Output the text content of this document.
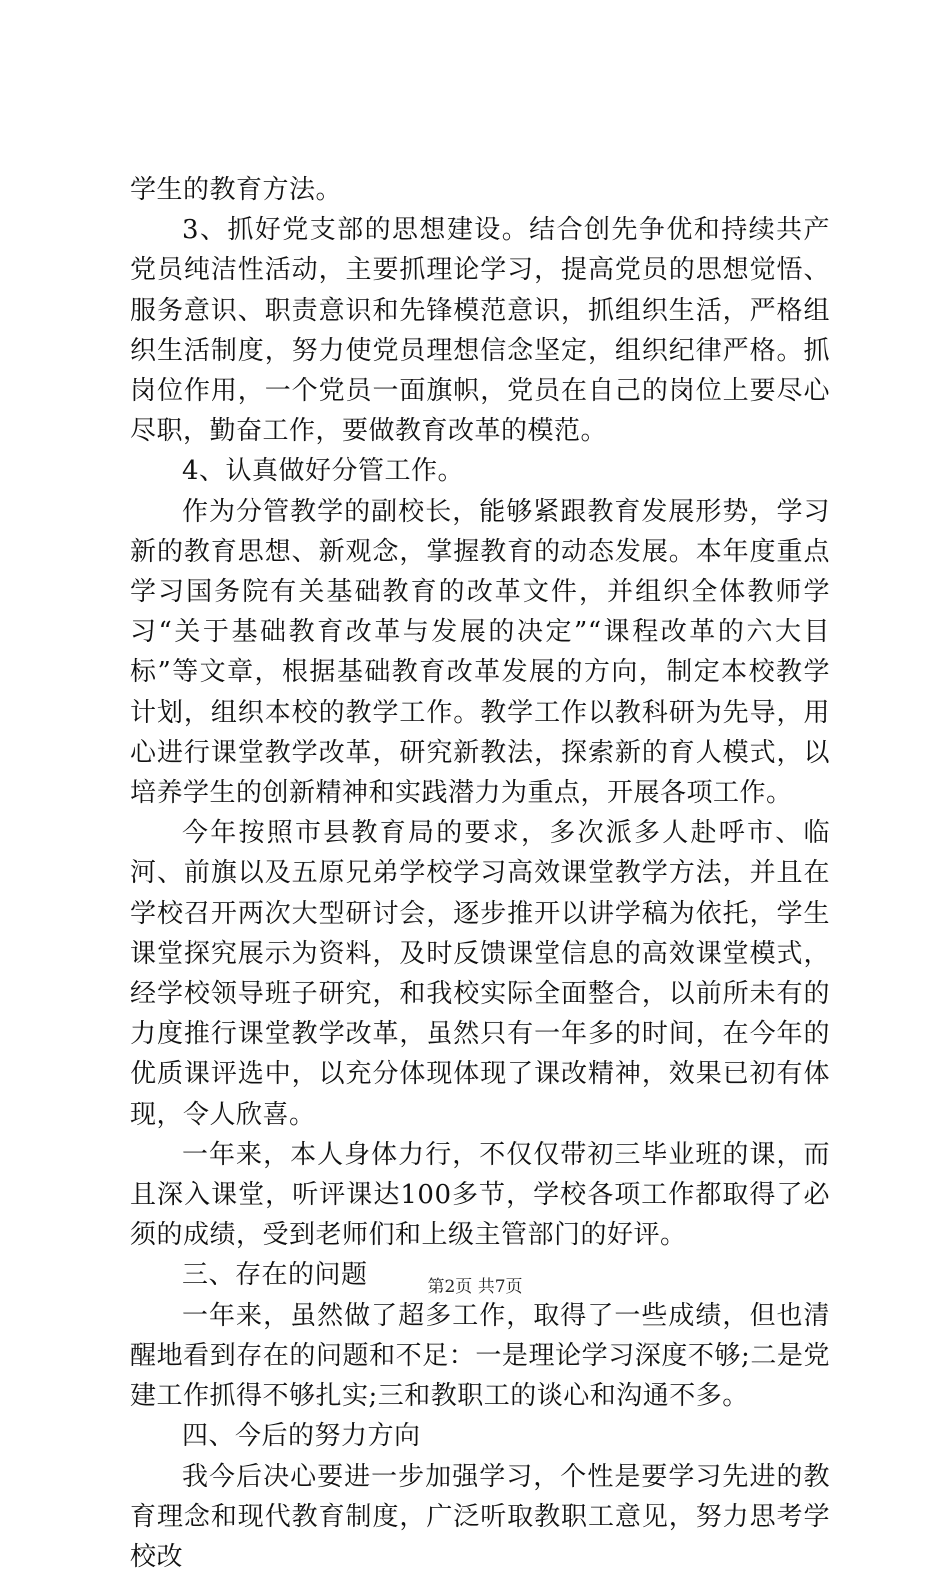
学生的教育方法。

3、抓好党支部的思想建设。结合创先争优和持续共产党员纯洁性活动，主要抓理论学习，提高党员的思想觉悟、服务意识、职责意识和先锋模范意识，抓组织生活，严格组织生活制度，努力使党员理想信念坚定，组织纪律严格。抓岗位作用，一个党员一面旗帜，党员在自己的岗位上要尽心尽职，勤奋工作，要做教育改革的模范。

4、认真做好分管工作。

作为分管教学的副校长，能够紧跟教育发展形势，学习新的教育思想、新观念，掌握教育的动态发展。本年度重点学习国务院有关基础教育的改革文件，并组织全体教师学习“关于基础教育改革与发展的决定”“课程改革的六大目标”等文章，根据基础教育改革发展的方向，制定本校教学计划，组织本校的教学工作。教学工作以教科研为先导，用心进行课堂教学改革，研究新教法，探索新的育人模式，以培养学生的创新精神和实践潜力为重点，开展各项工作。

今年按照市县教育局的要求，多次派多人赴呼市、临河、前旗以及五原兄弟学校学习高效课堂教学方法，并且在学校召开两次大型研讨会，逐步推开以讲学稿为依托，学生课堂探究展示为资料，及时反馈课堂信息的高效课堂模式，经学校领导班子研究，和我校实际全面整合，以前所未有的力度推行课堂教学改革，虽然只有一年多的时间，在今年的优质课评选中，以充分体现体现了课改精神，效果已初有体现，令人欣喜。

一年来，本人身体力行，不仅仅带初三毕业班的课，而且深入课堂，听评课达100多节，学校各项工作都取得了必须的成绩，受到老师们和上级主管部门的好评。

三、存在的问题

一年来，虽然做了超多工作，取得了一些成绩，但也清醒地看到存在的问题和不足：一是理论学习深度不够;二是党建工作抓得不够扎实;三和教职工的谈心和沟通不多。

四、今后的努力方向

我今后决心要进一步加强学习，个性是要学习先进的教育理念和现代教育制度，广泛听取教职工意见，努力思考学校改

第2页 共7页
